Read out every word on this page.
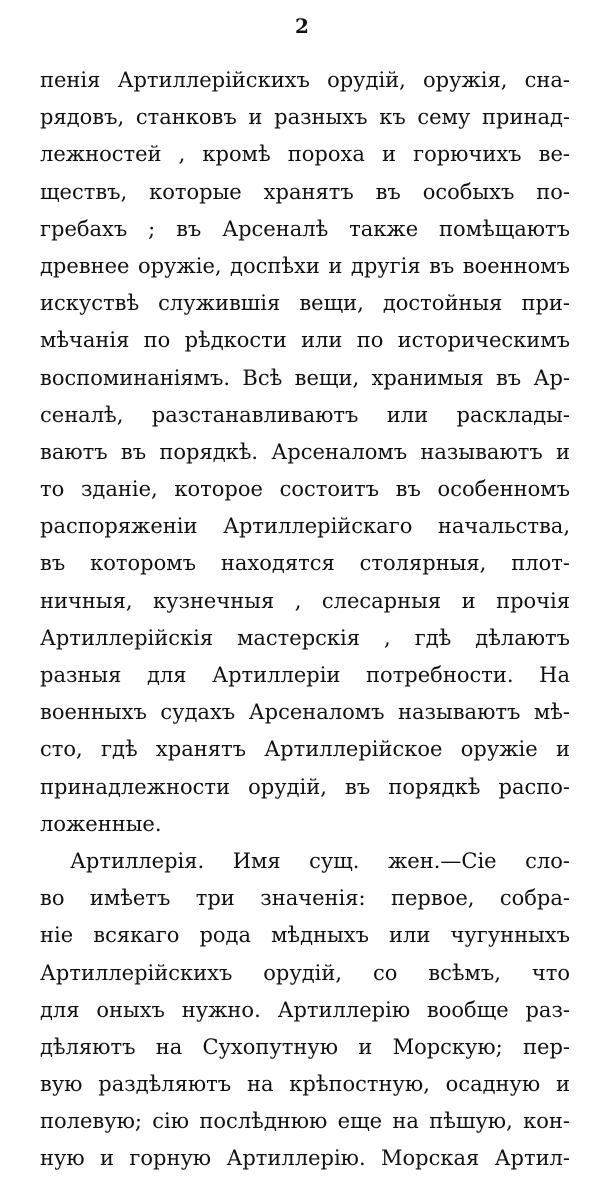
2
пенія Артиллерійскихъ орудій, оружія, сна-
рядовъ, станковъ и разныхъ къ сему принад-
лежностей , кромѣ пороха и горючихъ ве-
ществъ, которые хранятъ въ особыхъ по-
гребахъ ; въ Арсеналѣ также помѣщаютъ
древнее оружіе, доспѣхи и другія въ военномъ
искуствѣ служившія вещи, достойныя при-
мѣчанія по рѣдкости или по историческимъ
воспоминаніямъ. Всѣ вещи, хранимыя въ Ар-
сеналѣ, разстанавливаютъ или расклады-
ваютъ въ порядкѣ. Арсеналомъ называютъ и
то зданіе, которое состоитъ въ особенномъ
распоряженіи Артиллерійскаго начальства,
въ которомъ находятся столярныя, плот-
ничныя, кузнечныя , слесарныя и прочія
Артиллерійскія мастерскія , гдѣ дѣлаютъ
разныя для Артиллеріи потребности. На
военныхъ судахъ Арсеналомъ называютъ мѣ-
сто, гдѣ хранятъ Артиллерійское оружіе и
принадлежности орудій, въ порядкѣ распо-
ложенные.
Артиллерія. Имя сущ. жен.—Сіе сло-
во имѣетъ три значенія: первое, собра-
ніе всякаго рода мѣдныхъ или чугунныхъ
Артиллерійскихъ орудій, со всѣмъ, что
для оныхъ нужно. Артиллерію вообще раз-
дѣляютъ на Сухопутную и Морскую; пер-
вую раздѣляютъ на крѣпостную, осадную и
полевую; сію послѣднюю еще на пѣшую, кон-
ную и горную Артиллерію. Морская Артил-
